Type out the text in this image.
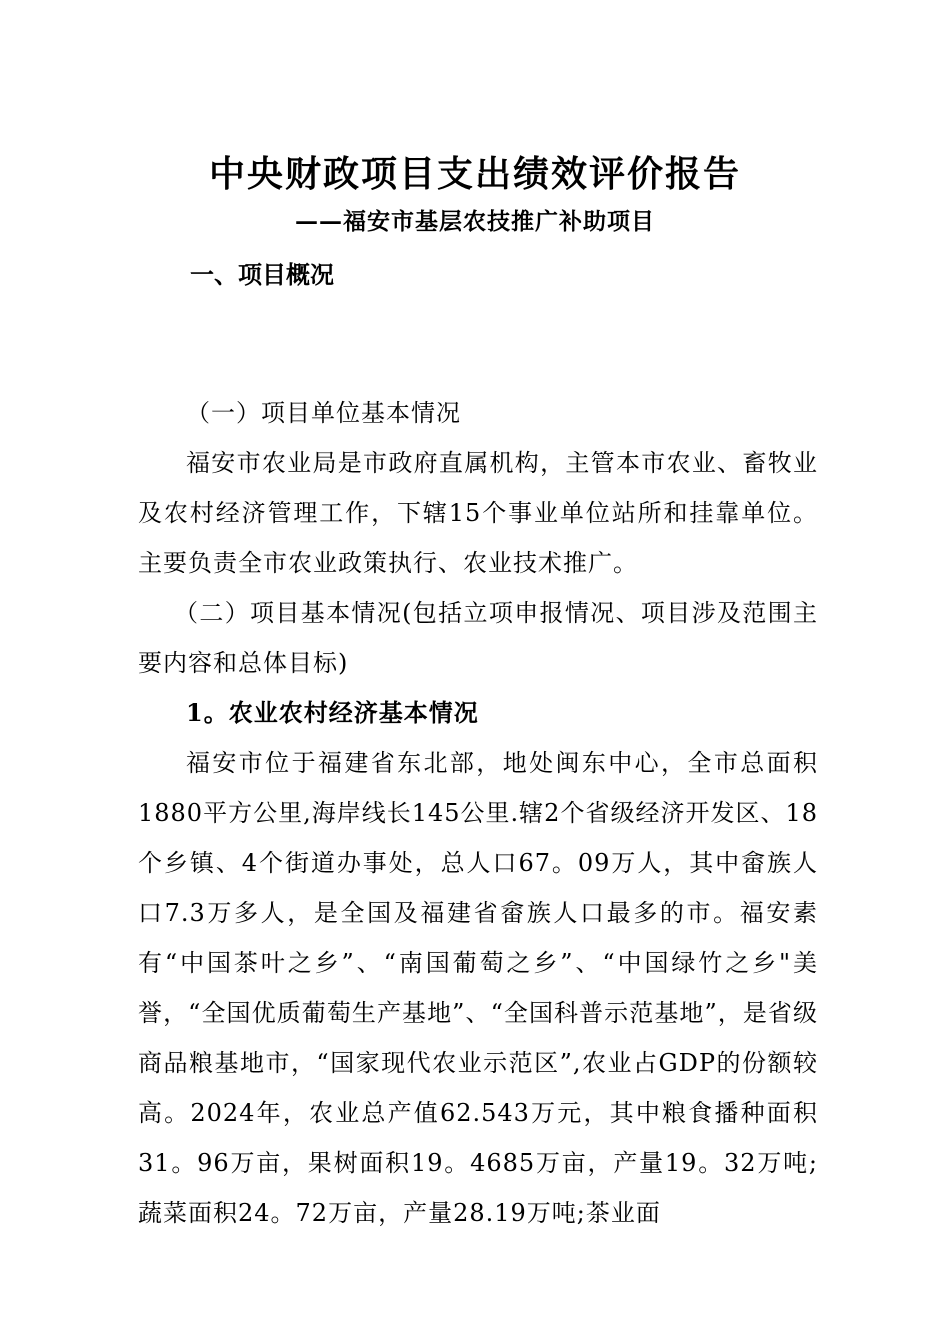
中央财政项目支出绩效评价报告
——福安市基层农技推广补助项目
一、项目概况

（一）项目单位基本情况

福安市农业局是市政府直属机构，主管本市农业、畜牧业及农村经济管理工作，下辖15个事业单位站所和挂靠单位。主要负责全市农业政策执行、农业技术推广。

（二）项目基本情况(包括立项申报情况、项目涉及范围主要内容和总体目标)

1。农业农村经济基本情况

福安市位于福建省东北部，地处闽东中心，全市总面积1880平方公里,海岸线长145公里.辖2个省级经济开发区、18个乡镇、4个街道办事处，总人口67。09万人，其中畲族人口7.3万多人，是全国及福建省畲族人口最多的市。福安素有“中国茶叶之乡”、“南国葡萄之乡”、“中国绿竹之乡"美誉，“全国优质葡萄生产基地”、“全国科普示范基地”，是省级商品粮基地市，“国家现代农业示范区”,农业占GDP的份额较高。2024年，农业总产值62.543万元，其中粮食播种面积31。96万亩，果树面积19。4685万亩，产量19。32万吨;蔬菜面积24。72万亩，产量28.19万吨;茶业面
